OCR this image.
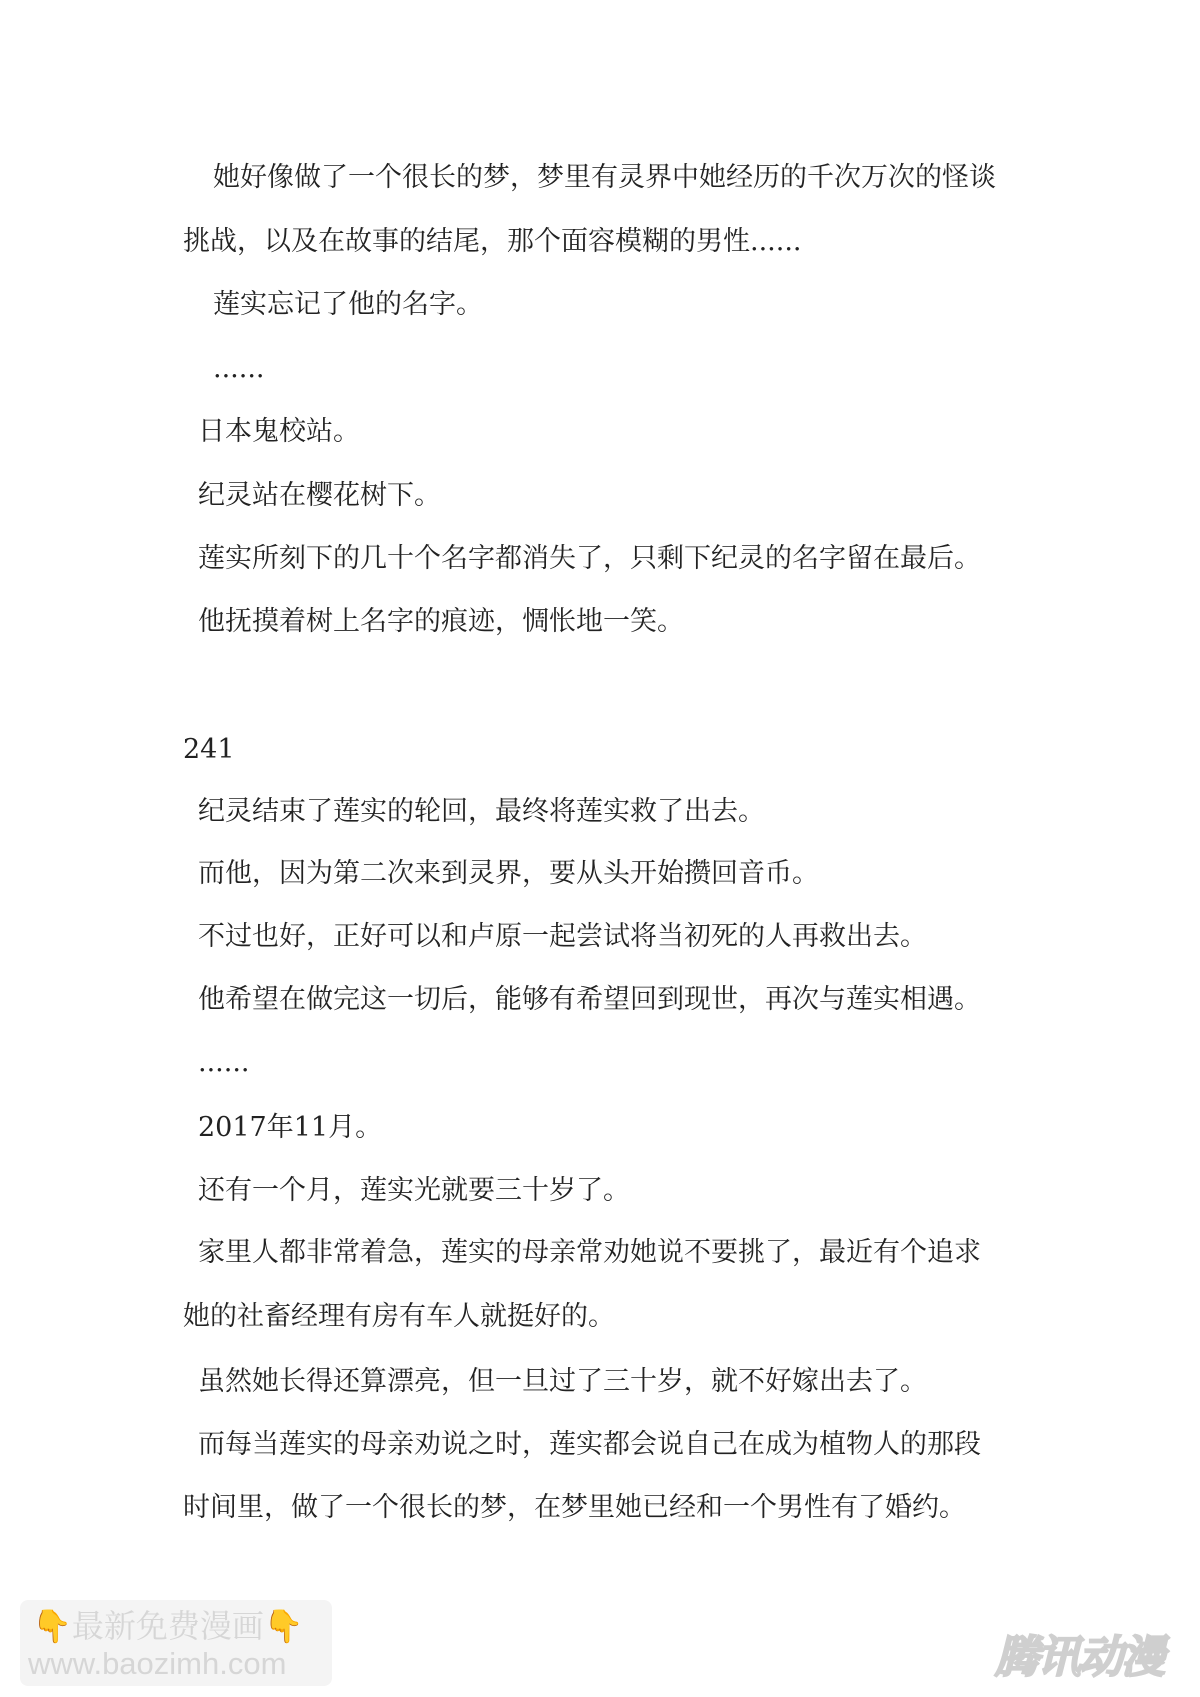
她好像做了一个很长的梦，梦里有灵界中她经历的千次万次的怪谈
挑战，以及在故事的结尾，那个面容模糊的男性......
莲实忘记了他的名字。
......
日本鬼校站。
纪灵站在樱花树下。
莲实所刻下的几十个名字都消失了，只剩下纪灵的名字留在最后。
他抚摸着树上名字的痕迹，惆怅地一笑。
241
纪灵结束了莲实的轮回，最终将莲实救了出去。
而他，因为第二次来到灵界，要从头开始攒回音币。
不过也好，正好可以和卢原一起尝试将当初死的人再救出去。
他希望在做完这一切后，能够有希望回到现世，再次与莲实相遇。
......
2017年11月。
还有一个月，莲实光就要三十岁了。
家里人都非常着急，莲实的母亲常劝她说不要挑了，最近有个追求
她的社畜经理有房有车人就挺好的。
虽然她长得还算漂亮，但一旦过了三十岁，就不好嫁出去了。
而每当莲实的母亲劝说之时，莲实都会说自己在成为植物人的那段
时间里，做了一个很长的梦，在梦里她已经和一个男性有了婚约。
👇最新免费漫画👇
www.baozimh.com	腾讯动漫
